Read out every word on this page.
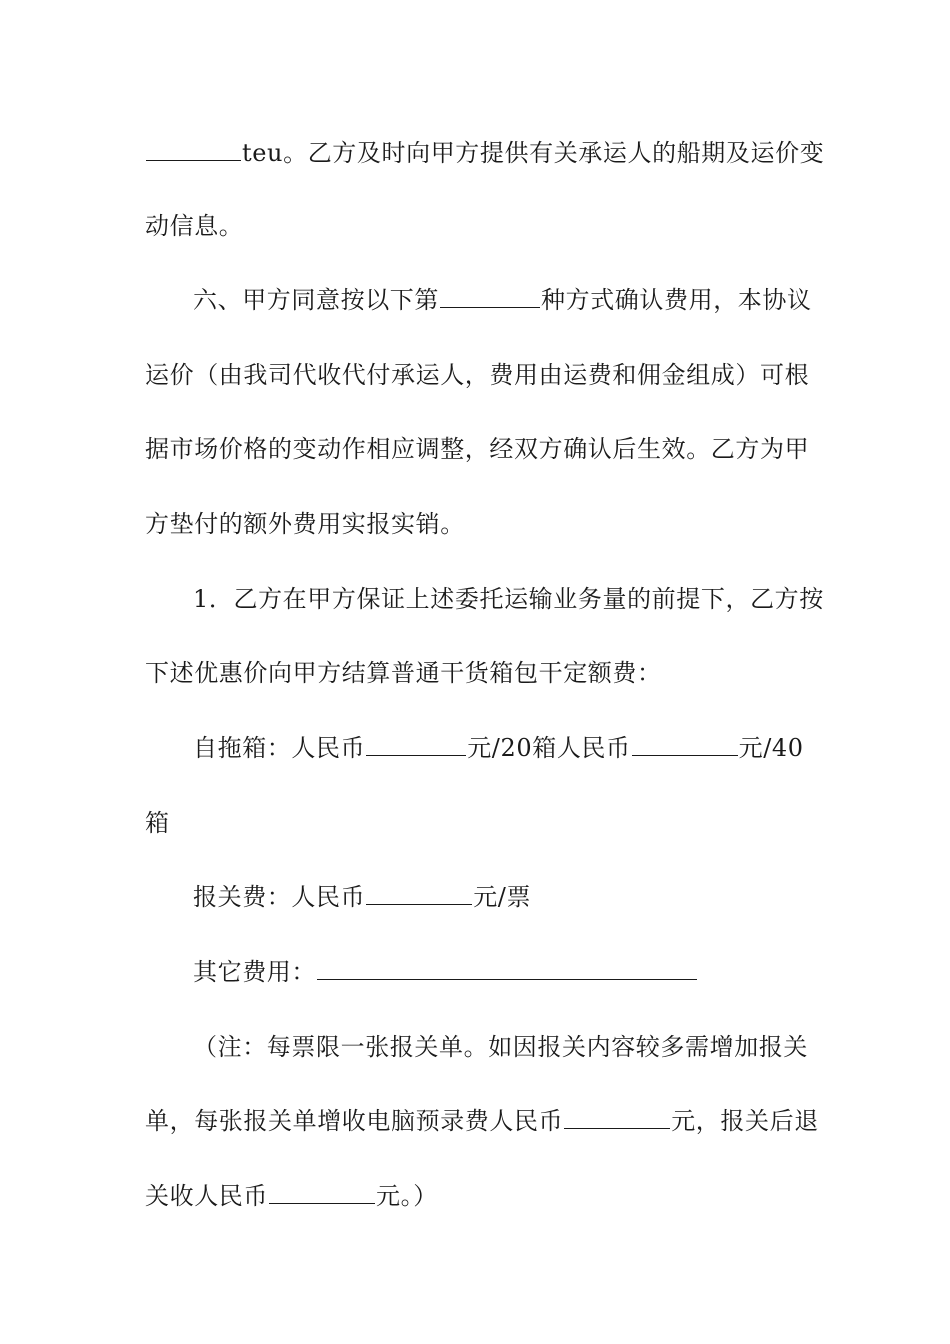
teu。乙方及时向甲方提供有关承运人的船期及运价变
动信息。
六、甲方同意按以下第	种方式确认费用，本协议
运价（由我司代收代付承运人，费用由运费和佣金组成）可根
据市场价格的变动作相应调整，经双方确认后生效。乙方为甲
方垫付的额外费用实报实销。
1．乙方在甲方保证上述委托运输业务量的前提下，乙方按
下述优惠价向甲方结算普通干货箱包干定额费：
自拖箱：人民币	元/20箱人民币	元/40
箱
报关费：人民币	元/票
其它费用：
（注：每票限一张报关单。如因报关内容较多需增加报关
单，每张报关单增收电脑预录费人民币	元，报关后退
关收人民币	元。）
